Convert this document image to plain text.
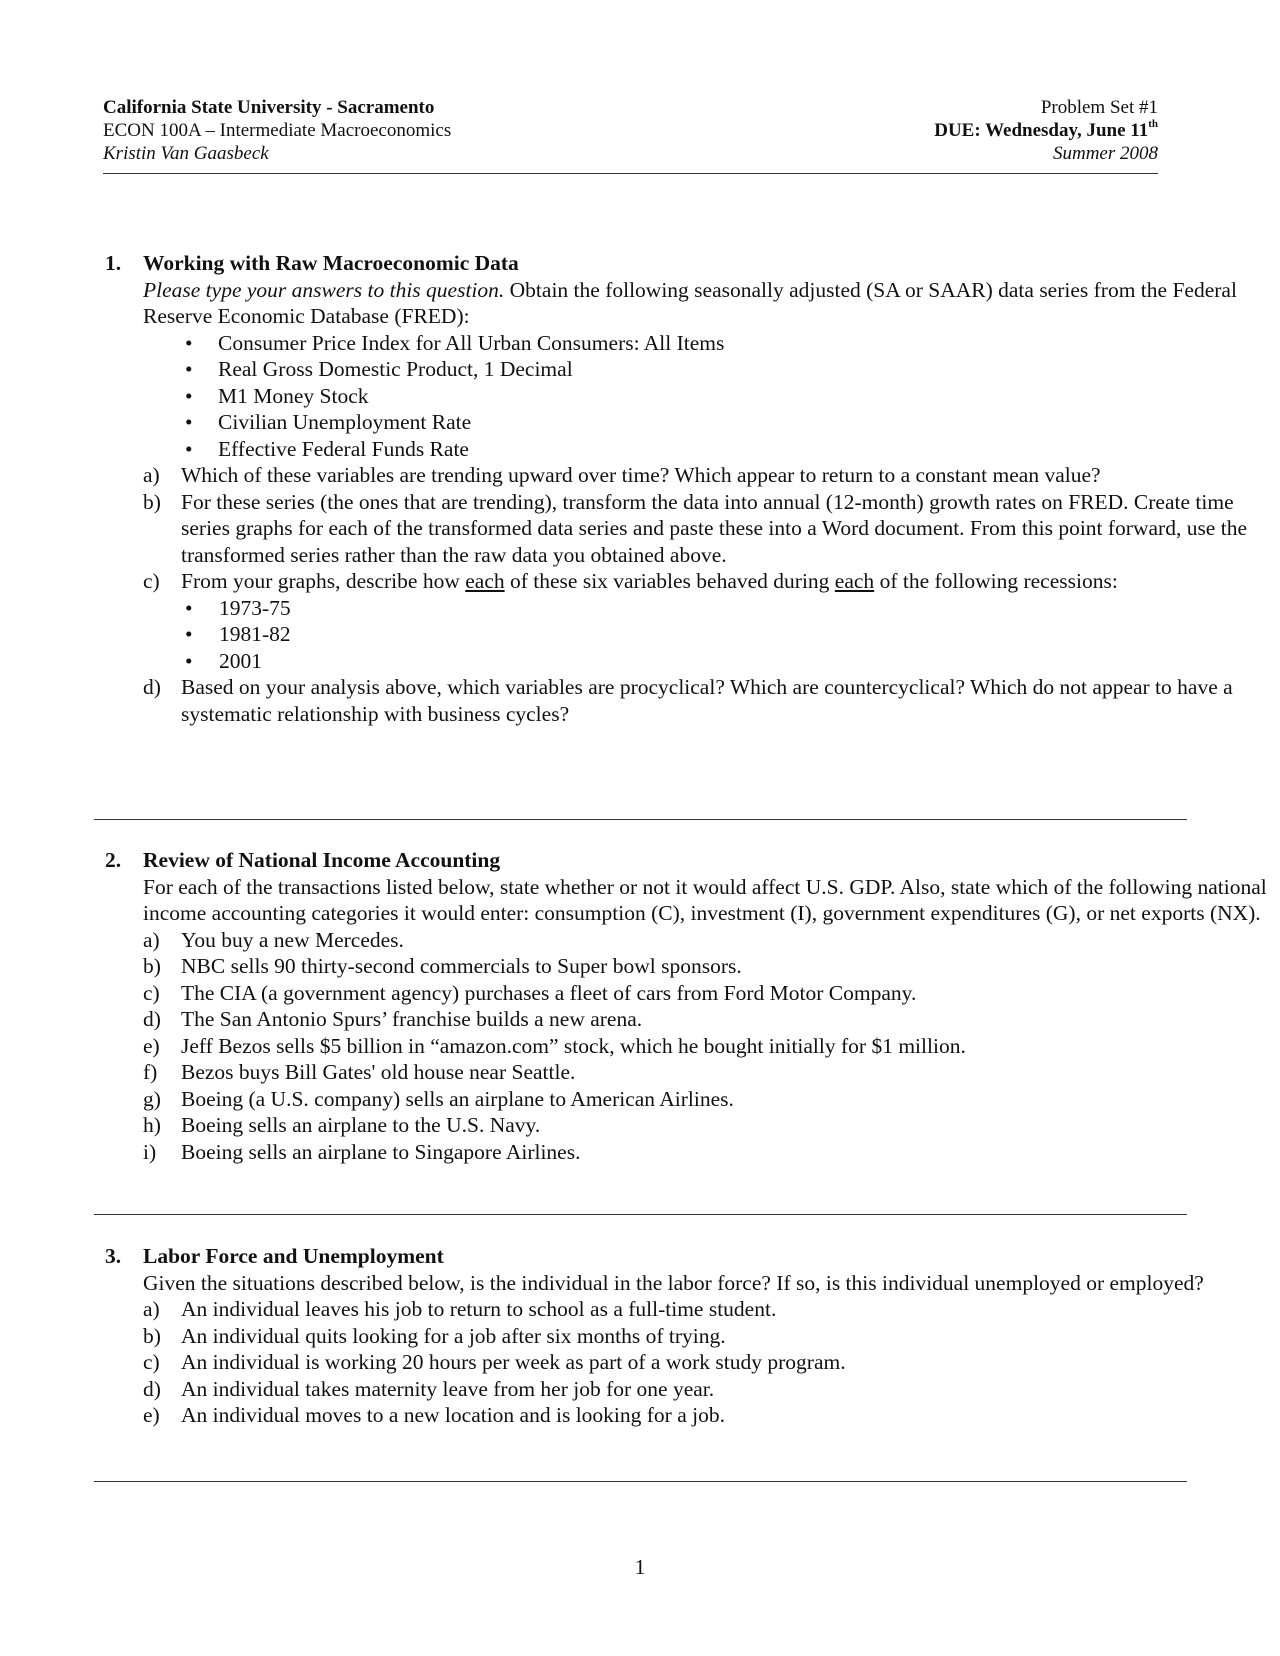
California State University - Sacramento
ECON 100A – Intermediate Macroeconomics
Kristin Van Gaasbeck
Problem Set #1
DUE: Wednesday, June 11th
Summer 2008
1. Working with Raw Macroeconomic Data
Please type your answers to this question. Obtain the following seasonally adjusted (SA or SAAR) data series from the Federal Reserve Economic Database (FRED):
• Consumer Price Index for All Urban Consumers: All Items
• Real Gross Domestic Product, 1 Decimal
• M1 Money Stock
• Civilian Unemployment Rate
• Effective Federal Funds Rate
a) Which of these variables are trending upward over time? Which appear to return to a constant mean value?
b) For these series (the ones that are trending), transform the data into annual (12-month) growth rates on FRED. Create time series graphs for each of the transformed data series and paste these into a Word document. From this point forward, use the transformed series rather than the raw data you obtained above.
c) From your graphs, describe how each of these six variables behaved during each of the following recessions:
• 1973-75
• 1981-82
• 2001
d) Based on your analysis above, which variables are procyclical? Which are countercyclical? Which do not appear to have a systematic relationship with business cycles?
2. Review of National Income Accounting
For each of the transactions listed below, state whether or not it would affect U.S. GDP. Also, state which of the following national income accounting categories it would enter: consumption (C), investment (I), government expenditures (G), or net exports (NX).
a) You buy a new Mercedes.
b) NBC sells 90 thirty-second commercials to Super bowl sponsors.
c) The CIA (a government agency) purchases a fleet of cars from Ford Motor Company.
d) The San Antonio Spurs’ franchise builds a new arena.
e) Jeff Bezos sells $5 billion in “amazon.com” stock, which he bought initially for $1 million.
f) Bezos buys Bill Gates' old house near Seattle.
g) Boeing (a U.S. company) sells an airplane to American Airlines.
h) Boeing sells an airplane to the U.S. Navy.
i) Boeing sells an airplane to Singapore Airlines.
3. Labor Force and Unemployment
Given the situations described below, is the individual in the labor force? If so, is this individual unemployed or employed?
a) An individual leaves his job to return to school as a full-time student.
b) An individual quits looking for a job after six months of trying.
c) An individual is working 20 hours per week as part of a work study program.
d) An individual takes maternity leave from her job for one year.
e) An individual moves to a new location and is looking for a job.
1
